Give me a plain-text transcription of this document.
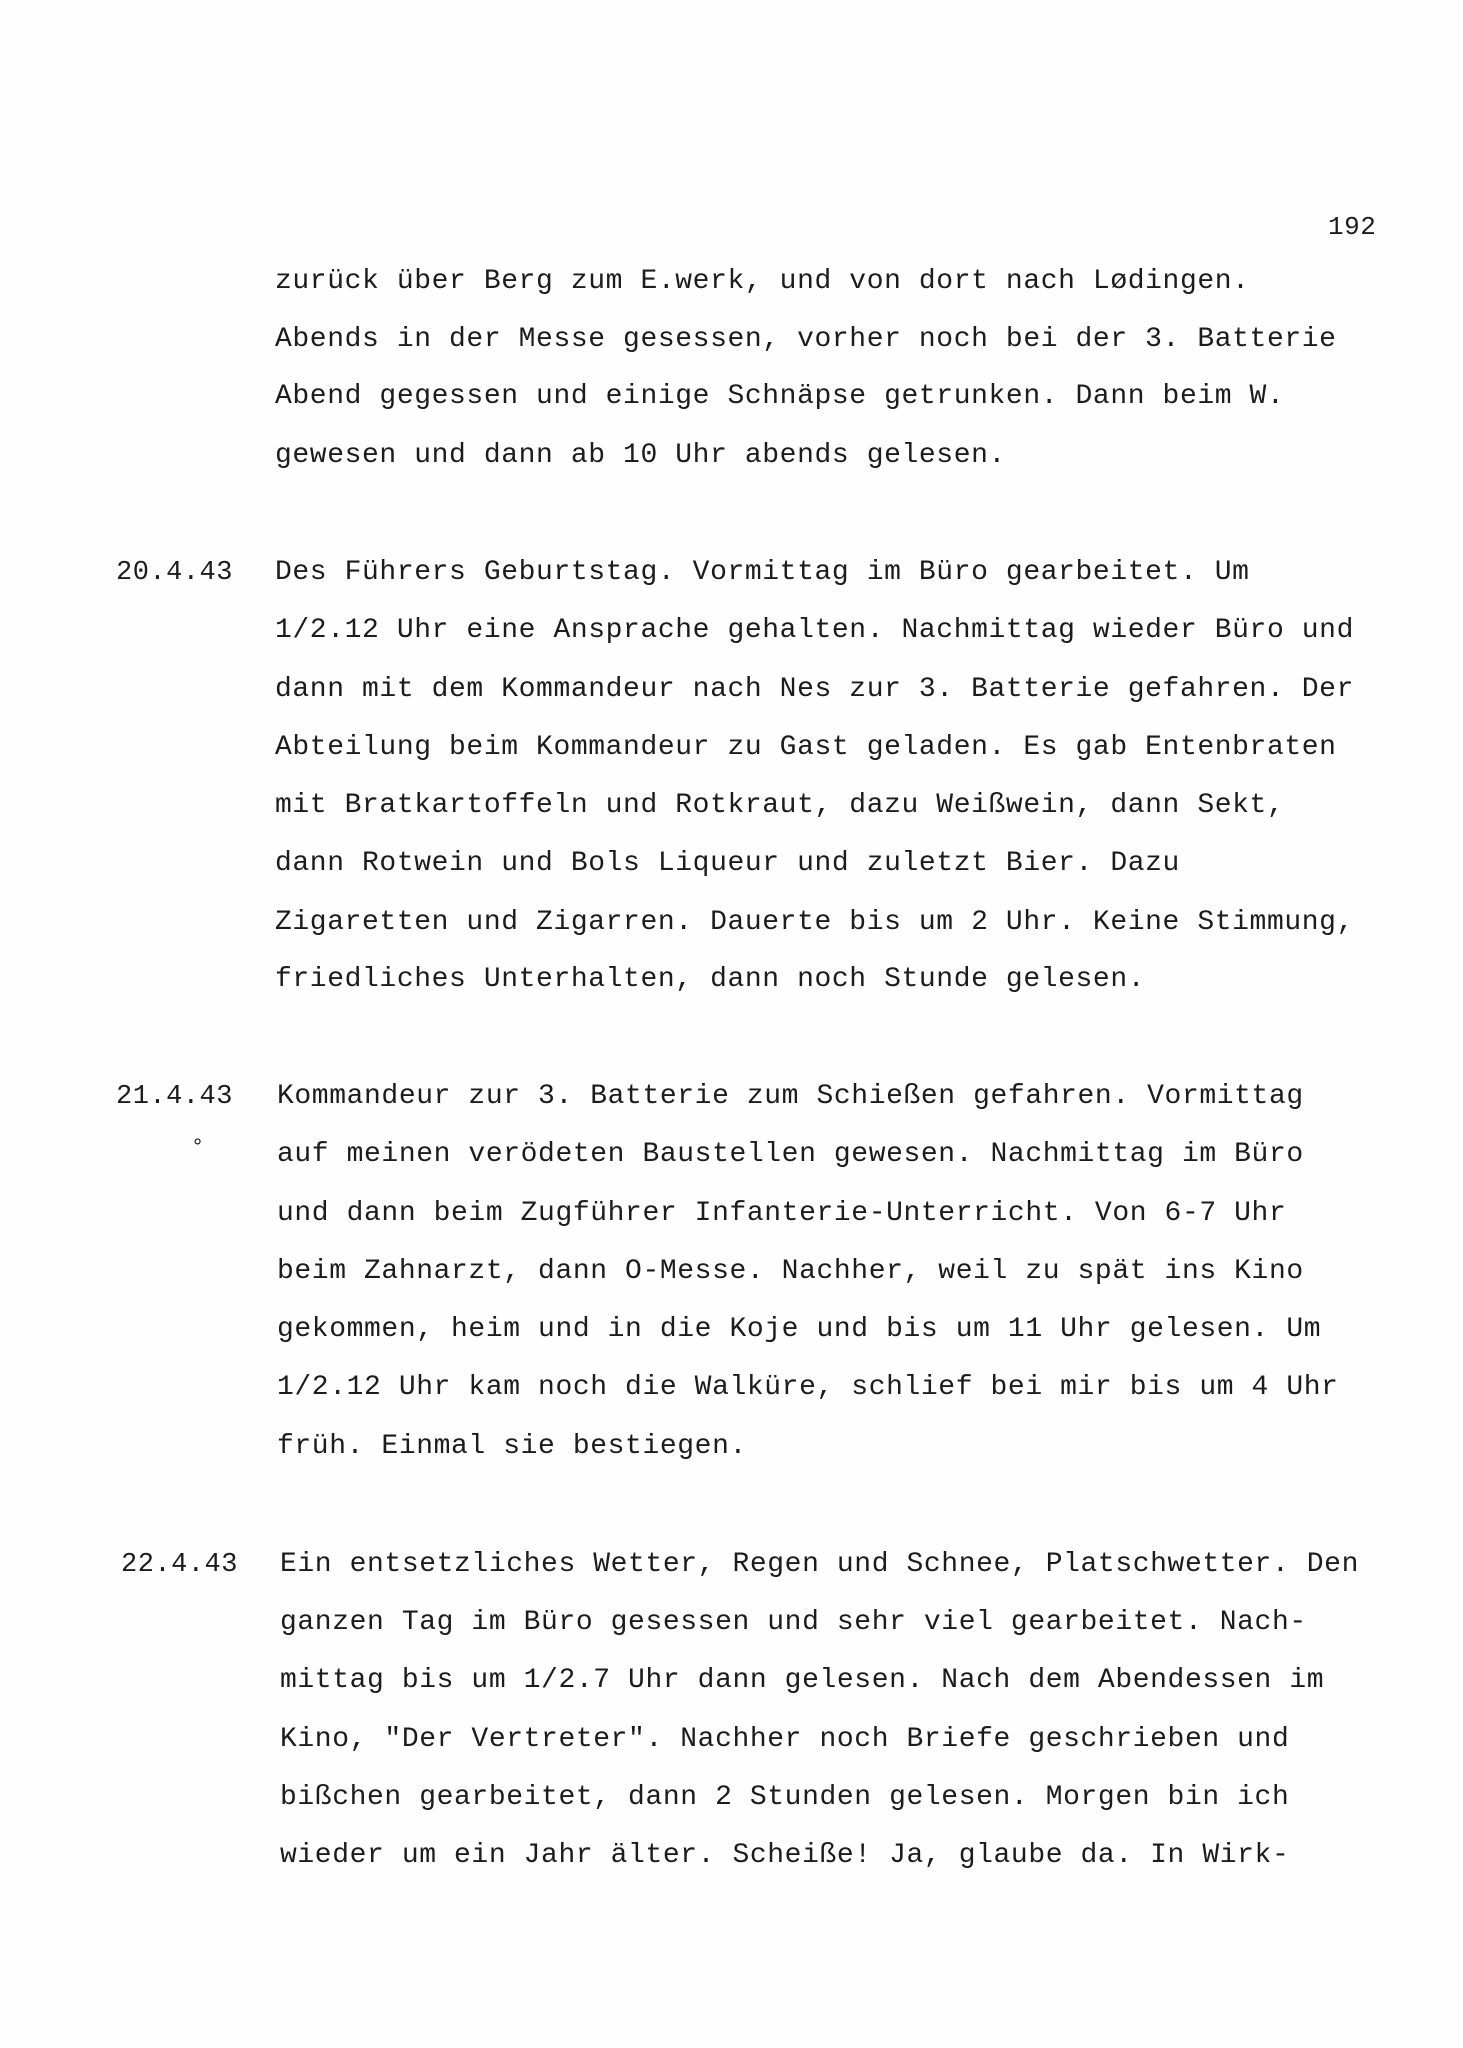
192
zurück über Berg zum E.werk, und von dort nach Lødingen.
Abends in der Messe gesessen, vorher noch bei der 3. Batterie
Abend gegessen und einige Schnäpse getrunken. Dann beim W.
gewesen und dann ab 10 Uhr abends gelesen.
20.4.43 Des Führers Geburtstag. Vormittag im Büro gearbeitet. Um
1/2.12 Uhr eine Ansprache gehalten. Nachmittag wieder Büro und
dann mit dem Kommandeur nach Nes zur 3. Batterie gefahren. Der
Abteilung beim Kommandeur zu Gast geladen. Es gab Entenbraten
mit Bratkartoffeln und Rotkraut, dazu Weißwein, dann Sekt,
dann Rotwein und Bols Liqueur und zuletzt Bier. Dazu
Zigaretten und Zigarren. Dauerte bis um 2 Uhr. Keine Stimmung,
friedliches Unterhalten, dann noch Stunde gelesen.
21.4.43
°
Kommandeur zur 3. Batterie zum Schießen gefahren. Vormittag
auf meinen verödeten Baustellen gewesen. Nachmittag im Büro
und dann beim Zugführer Infanterie-Unterricht. Von 6-7 Uhr
beim Zahnarzt, dann O-Messe. Nachher, weil zu spät ins Kino
gekommen, heim und in die Koje und bis um 11 Uhr gelesen. Um
1/2.12 Uhr kam noch die Walküre, schlief bei mir bis um 4 Uhr
früh. Einmal sie bestiegen.
22.4.43 Ein entsetzliches Wetter, Regen und Schnee, Platschwetter. Den
ganzen Tag im Büro gesessen und sehr viel gearbeitet. Nach-
mittag bis um 1/2.7 Uhr dann gelesen. Nach dem Abendessen im
Kino, "Der Vertreter". Nachher noch Briefe geschrieben und
bißchen gearbeitet, dann 2 Stunden gelesen. Morgen bin ich
wieder um ein Jahr älter. Scheiße! Ja, glaube da. In Wirk-
